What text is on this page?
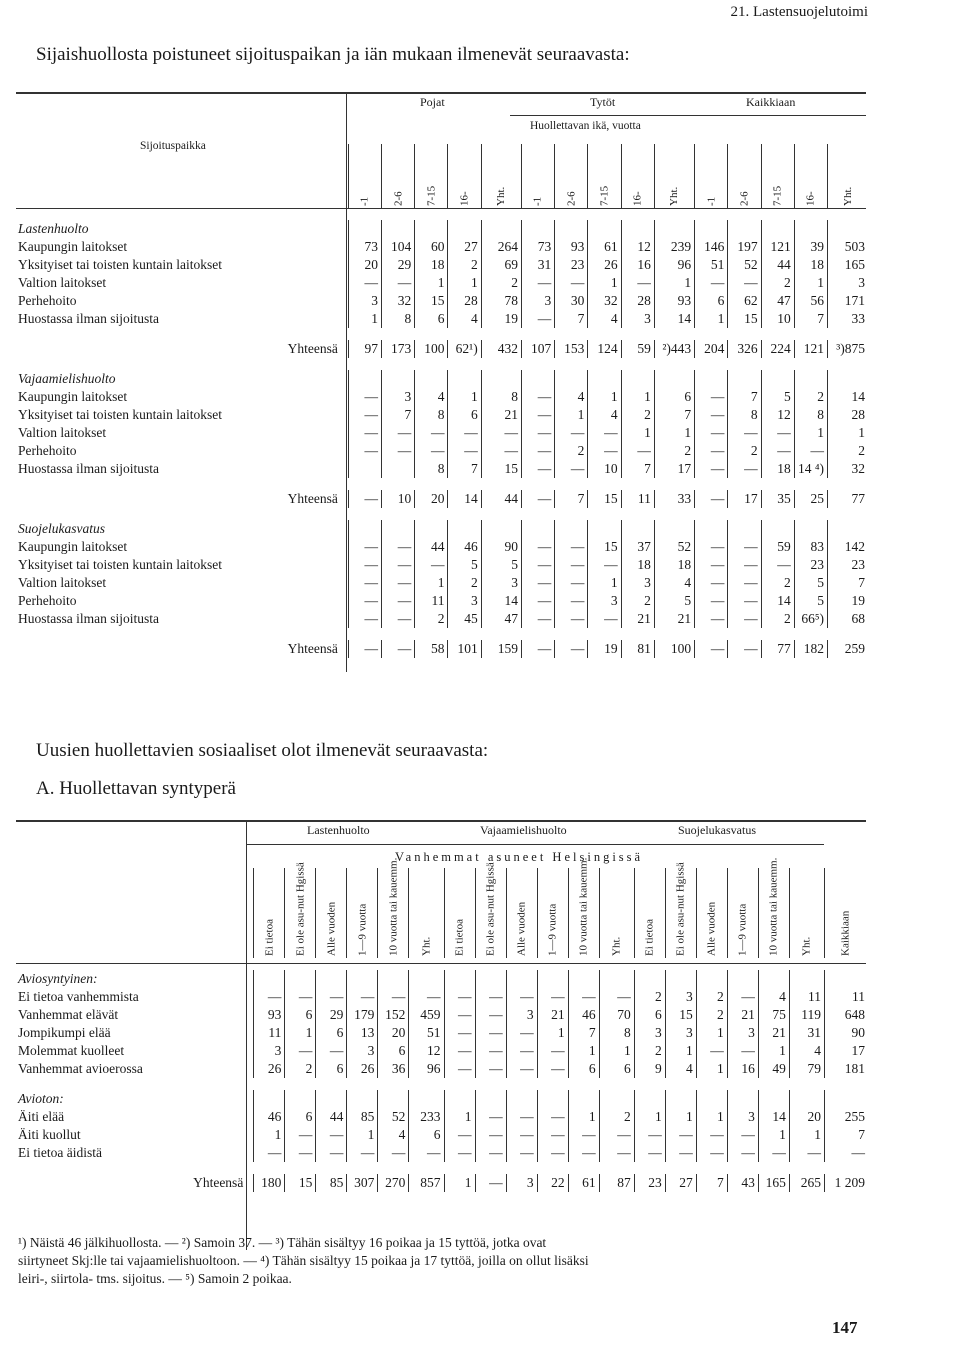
21. Lastensuojelutoimi
Sijaishuollosta poistuneet sijoituspaikan ja iän mukaan ilmenevät seuraavasta:
Sijoituspaikka
Pojat	Tytöt	Kaikkiaan
Huollettavan ikä, vuotta
	-1	2-6	7-15	16-	Yht.	-1	2-6	7-15	16-	Yht.	-1	2-6	7-15	16-	Yht.

Lastenhuolto															
Kaupungin laitokset	73	104	60	27	264	73	93	61	12	239	146	197	121	39	503
Yksityiset tai toisten kuntain laitokset	20	29	18	2	69	31	23	26	16	96	51	52	44	18	165
Valtion laitokset	—	—	1	1	2	—	—	1	—	1	—	—	2	1	3
Perhehoito	3	32	15	28	78	3	30	32	28	93	6	62	47	56	171
Huostassa ilman sijoitusta	1	8	6	4	19	—	7	4	3	14	1	15	10	7	33

Yhteensä	97	173	100	62¹)	432	107	153	124	59	²)443	204	326	224	121	³)875

Vajaamielishuolto															
Kaupungin laitokset	—	3	4	1	8	—	4	1	1	6	—	7	5	2	14
Yksityiset tai toisten kuntain laitokset	—	7	8	6	21	—	1	4	2	7	—	8	12	8	28
Valtion laitokset	—	—	—	—	—	—	—	—	1	1	—	—	—	1	1
Perhehoito	—	—	—	—	—	—	2	—	—	2	—	2	—	—	2
Huostassa ilman sijoitusta			8	7	15	—	—	10	7	17	—	—	18	14 ⁴)	32

Yhteensä	—	10	20	14	44	—	7	15	11	33	—	17	35	25	77

Suojelukasvatus															
Kaupungin laitokset	—	—	44	46	90	—	—	15	37	52	—	—	59	83	142
Yksityiset tai toisten kuntain laitokset	—	—	—	5	5	—	—	—	18	18	—	—	—	23	23
Valtion laitokset	—	—	1	2	3	—	—	1	3	4	—	—	2	5	7
Perhehoito	—	—	11	3	14	—	—	3	2	5	—	—	14	5	19
Huostassa ilman sijoitusta	—	—	2	45	47	—	—	—	21	21	—	—	2	66⁵)	68

Yhteensä	—	—	58	101	159	—	—	19	81	100	—	—	77	182	259
Uusien huollettavien sosiaaliset olot ilmenevät seuraavasta:
A. Huollettavan syntyperä
Lastenhuolto	Vajaamielishuolto	Suojelukasvatus
Vanhemmat asuneet Helsingissä
	Ei tietoa	Ei ole asu-nut Hgissä	Alle vuoden	1—9 vuotta	10 vuotta tai kauemm.	Yht.	Ei tietoa	Ei ole asu-nut Hgissä	Alle vuoden	1—9 vuotta	10 vuotta tai kauemm.	Yht.	Ei tietoa	Ei ole asu-nut Hgissä	Alle vuoden	1—9 vuotta	10 vuotta tai kauemm.	Yht.	Kaikkiaan

Aviosyntyinen:																			
Ei tietoa vanhemmista	—	—	—	—	—	—	—	—	—	—	—	—	2	3	2	—	4	11	11
Vanhemmat elävät	93	6	29	179	152	459	—	—	3	21	46	70	6	15	2	21	75	119	648
Jompikumpi elää	11	1	6	13	20	51	—	—	—	1	7	8	3	3	1	3	21	31	90
Molemmat kuolleet	3	—	—	3	6	12	—	—	—	—	1	1	2	1	—	—	1	4	17
Vanhemmat avioerossa	26	2	6	26	36	96	—	—	—	—	6	6	9	4	1	16	49	79	181

Avioton:																			
Äiti elää	46	6	44	85	52	233	1	—	—	—	1	2	1	1	1	3	14	20	255
Äiti kuollut	1	—	—	1	4	6	—	—	—	—	—	—	—	—	—	—	1	1	7
Ei tietoa äidistä	—	—	—	—	—	—	—	—	—	—	—	—	—	—	—	—	—	—	—

Yhteensä	180	15	85	307	270	857	1	—	3	22	61	87	23	27	7	43	165	265	1 209
¹) Näistä 46 jälkihuollosta. — ²) Samoin 37. — ³) Tähän sisältyy 16 poikaa ja 15 tyttöä, jotka ovat
siirtyneet Skj:lle tai vajaamielishuoltoon. — ⁴) Tähän sisältyy 15 poikaa ja 17 tyttöä, joilla on ollut lisäksi
leiri-, siirtola- tms. sijoitus. — ⁵) Samoin 2 poikaa.
147
